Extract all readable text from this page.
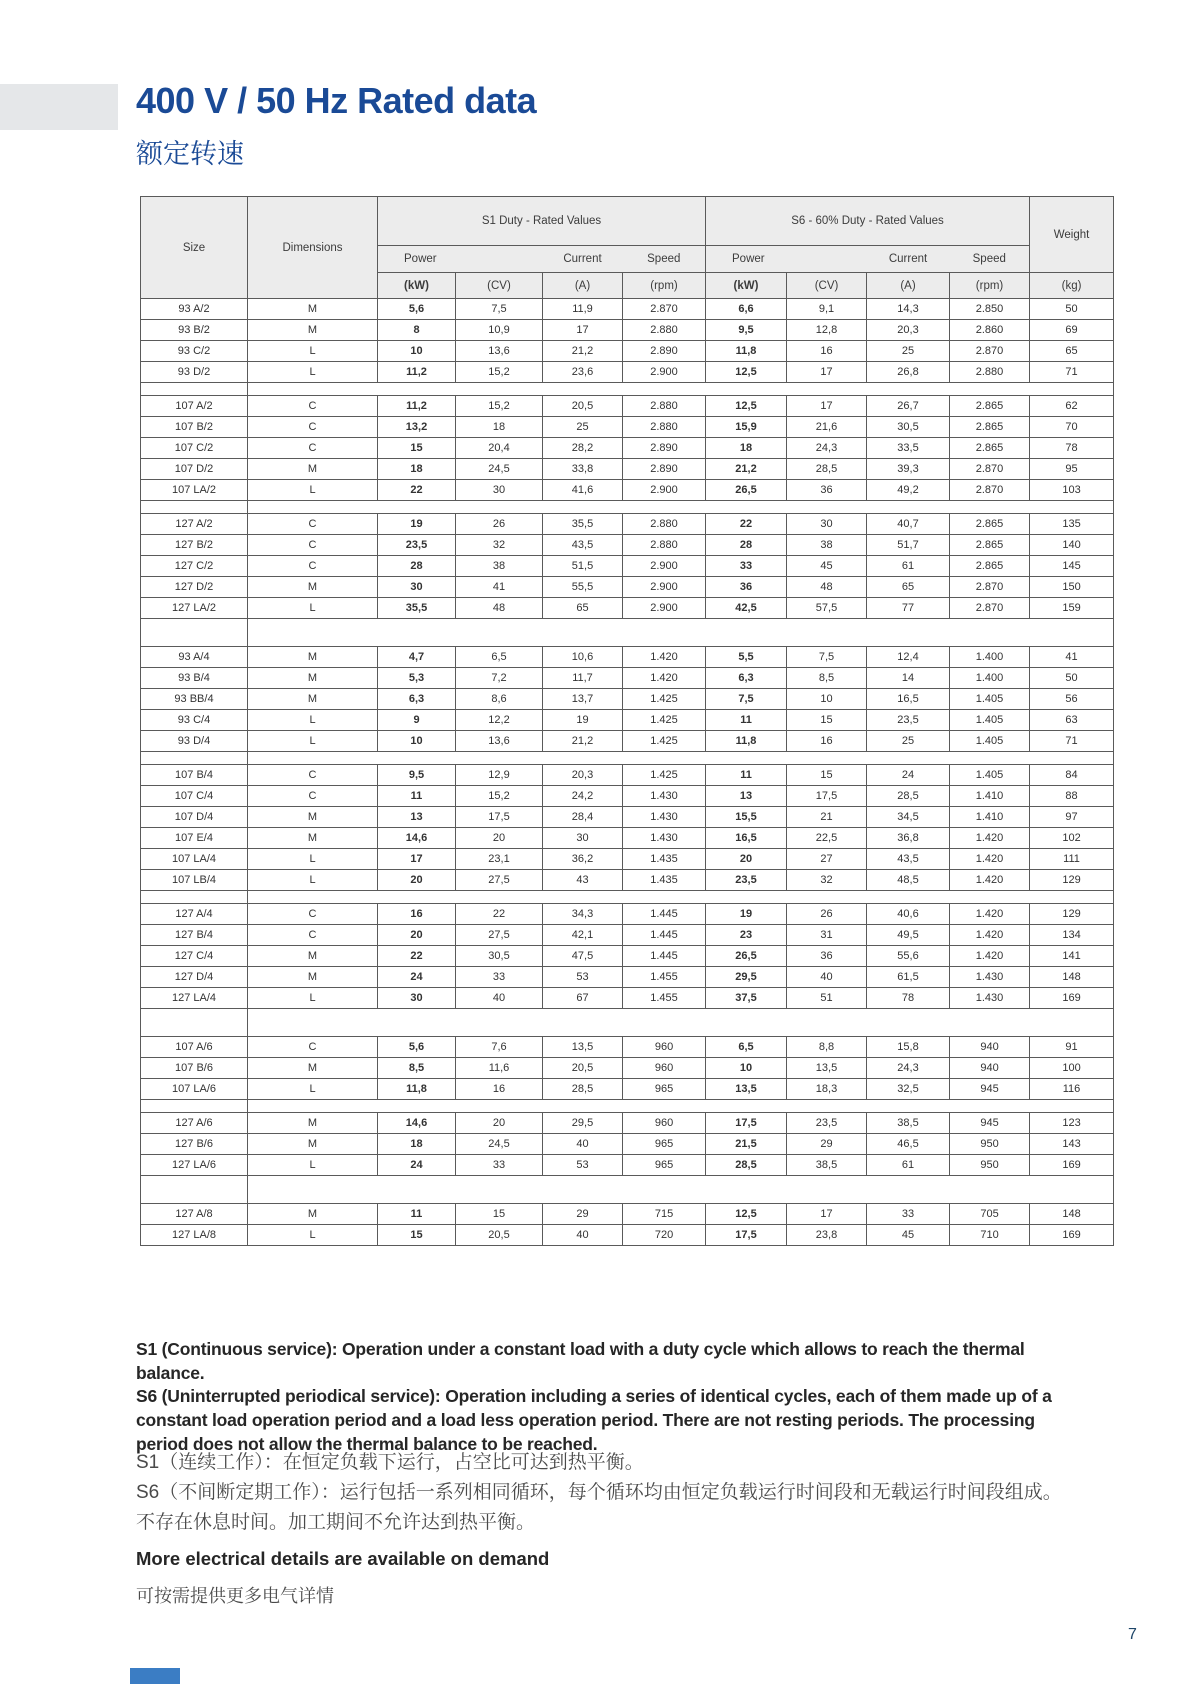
400 V / 50 Hz Rated data
额定转速
Size	Dimensions	S1 Duty - Rated Values				S6 - 60% Duty - Rated Values				Weight
		Power		Current	Speed	Power		Current	Speed	
		(kW)	(CV)	(A)	(rpm)	(kW)	(CV)	(A)	(rpm)	(kg)
93 A/2	M	5,6	7,5	11,9	2.870	6,6	9,1	14,3	2.850	50
93 B/2	M	8	10,9	17	2.880	9,5	12,8	20,3	2.860	69
93 C/2	L	10	13,6	21,2	2.890	11,8	16	25	2.870	65
93 D/2	L	11,2	15,2	23,6	2.900	12,5	17	26,8	2.880	71

107 A/2	C	11,2	15,2	20,5	2.880	12,5	17	26,7	2.865	62
107 B/2	C	13,2	18	25	2.880	15,9	21,6	30,5	2.865	70
107 C/2	C	15	20,4	28,2	2.890	18	24,3	33,5	2.865	78
107 D/2	M	18	24,5	33,8	2.890	21,2	28,5	39,3	2.870	95
107 LA/2	L	22	30	41,6	2.900	26,5	36	49,2	2.870	103

127 A/2	C	19	26	35,5	2.880	22	30	40,7	2.865	135
127 B/2	C	23,5	32	43,5	2.880	28	38	51,7	2.865	140
127 C/2	C	28	38	51,5	2.900	33	45	61	2.865	145
127 D/2	M	30	41	55,5	2.900	36	48	65	2.870	150
127 LA/2	L	35,5	48	65	2.900	42,5	57,5	77	2.870	159

93 A/4	M	4,7	6,5	10,6	1.420	5,5	7,5	12,4	1.400	41
93 B/4	M	5,3	7,2	11,7	1.420	6,3	8,5	14	1.400	50
93 BB/4	M	6,3	8,6	13,7	1.425	7,5	10	16,5	1.405	56
93 C/4	L	9	12,2	19	1.425	11	15	23,5	1.405	63
93 D/4	L	10	13,6	21,2	1.425	11,8	16	25	1.405	71

107 B/4	C	9,5	12,9	20,3	1.425	11	15	24	1.405	84
107 C/4	C	11	15,2	24,2	1.430	13	17,5	28,5	1.410	88
107 D/4	M	13	17,5	28,4	1.430	15,5	21	34,5	1.410	97
107 E/4	M	14,6	20	30	1.430	16,5	22,5	36,8	1.420	102
107 LA/4	L	17	23,1	36,2	1.435	20	27	43,5	1.420	111
107 LB/4	L	20	27,5	43	1.435	23,5	32	48,5	1.420	129

127 A/4	C	16	22	34,3	1.445	19	26	40,6	1.420	129
127 B/4	C	20	27,5	42,1	1.445	23	31	49,5	1.420	134
127 C/4	M	22	30,5	47,5	1.445	26,5	36	55,6	1.420	141
127 D/4	M	24	33	53	1.455	29,5	40	61,5	1.430	148
127 LA/4	L	30	40	67	1.455	37,5	51	78	1.430	169

107 A/6	C	5,6	7,6	13,5	960	6,5	8,8	15,8	940	91
107 B/6	M	8,5	11,6	20,5	960	10	13,5	24,3	940	100
107 LA/6	L	11,8	16	28,5	965	13,5	18,3	32,5	945	116

127 A/6	M	14,6	20	29,5	960	17,5	23,5	38,5	945	123
127 B/6	M	18	24,5	40	965	21,5	29	46,5	950	143
127 LA/6	L	24	33	53	965	28,5	38,5	61	950	169

127 A/8	M	11	15	29	715	12,5	17	33	705	148
127 LA/8	L	15	20,5	40	720	17,5	23,8	45	710	169
S1 (Continuous service): Operation under a constant load with a duty cycle which allows to reach the thermal balance.
S6 (Uninterrupted periodical service): Operation including a series of identical cycles, each of them made up of a constant load operation period and a load less operation period. There are not resting periods. The processing period does not allow the thermal balance to be reached.
S1（连续工作）：在恒定负载下运行，占空比可达到热平衡。
S6（不间断定期工作）：运行包括一系列相同循环，每个循环均由恒定负载运行时间段和无载运行时间段组成。不存在休息时间。加工期间不允许达到热平衡。
More electrical details are available on demand
可按需提供更多电气详情
7
